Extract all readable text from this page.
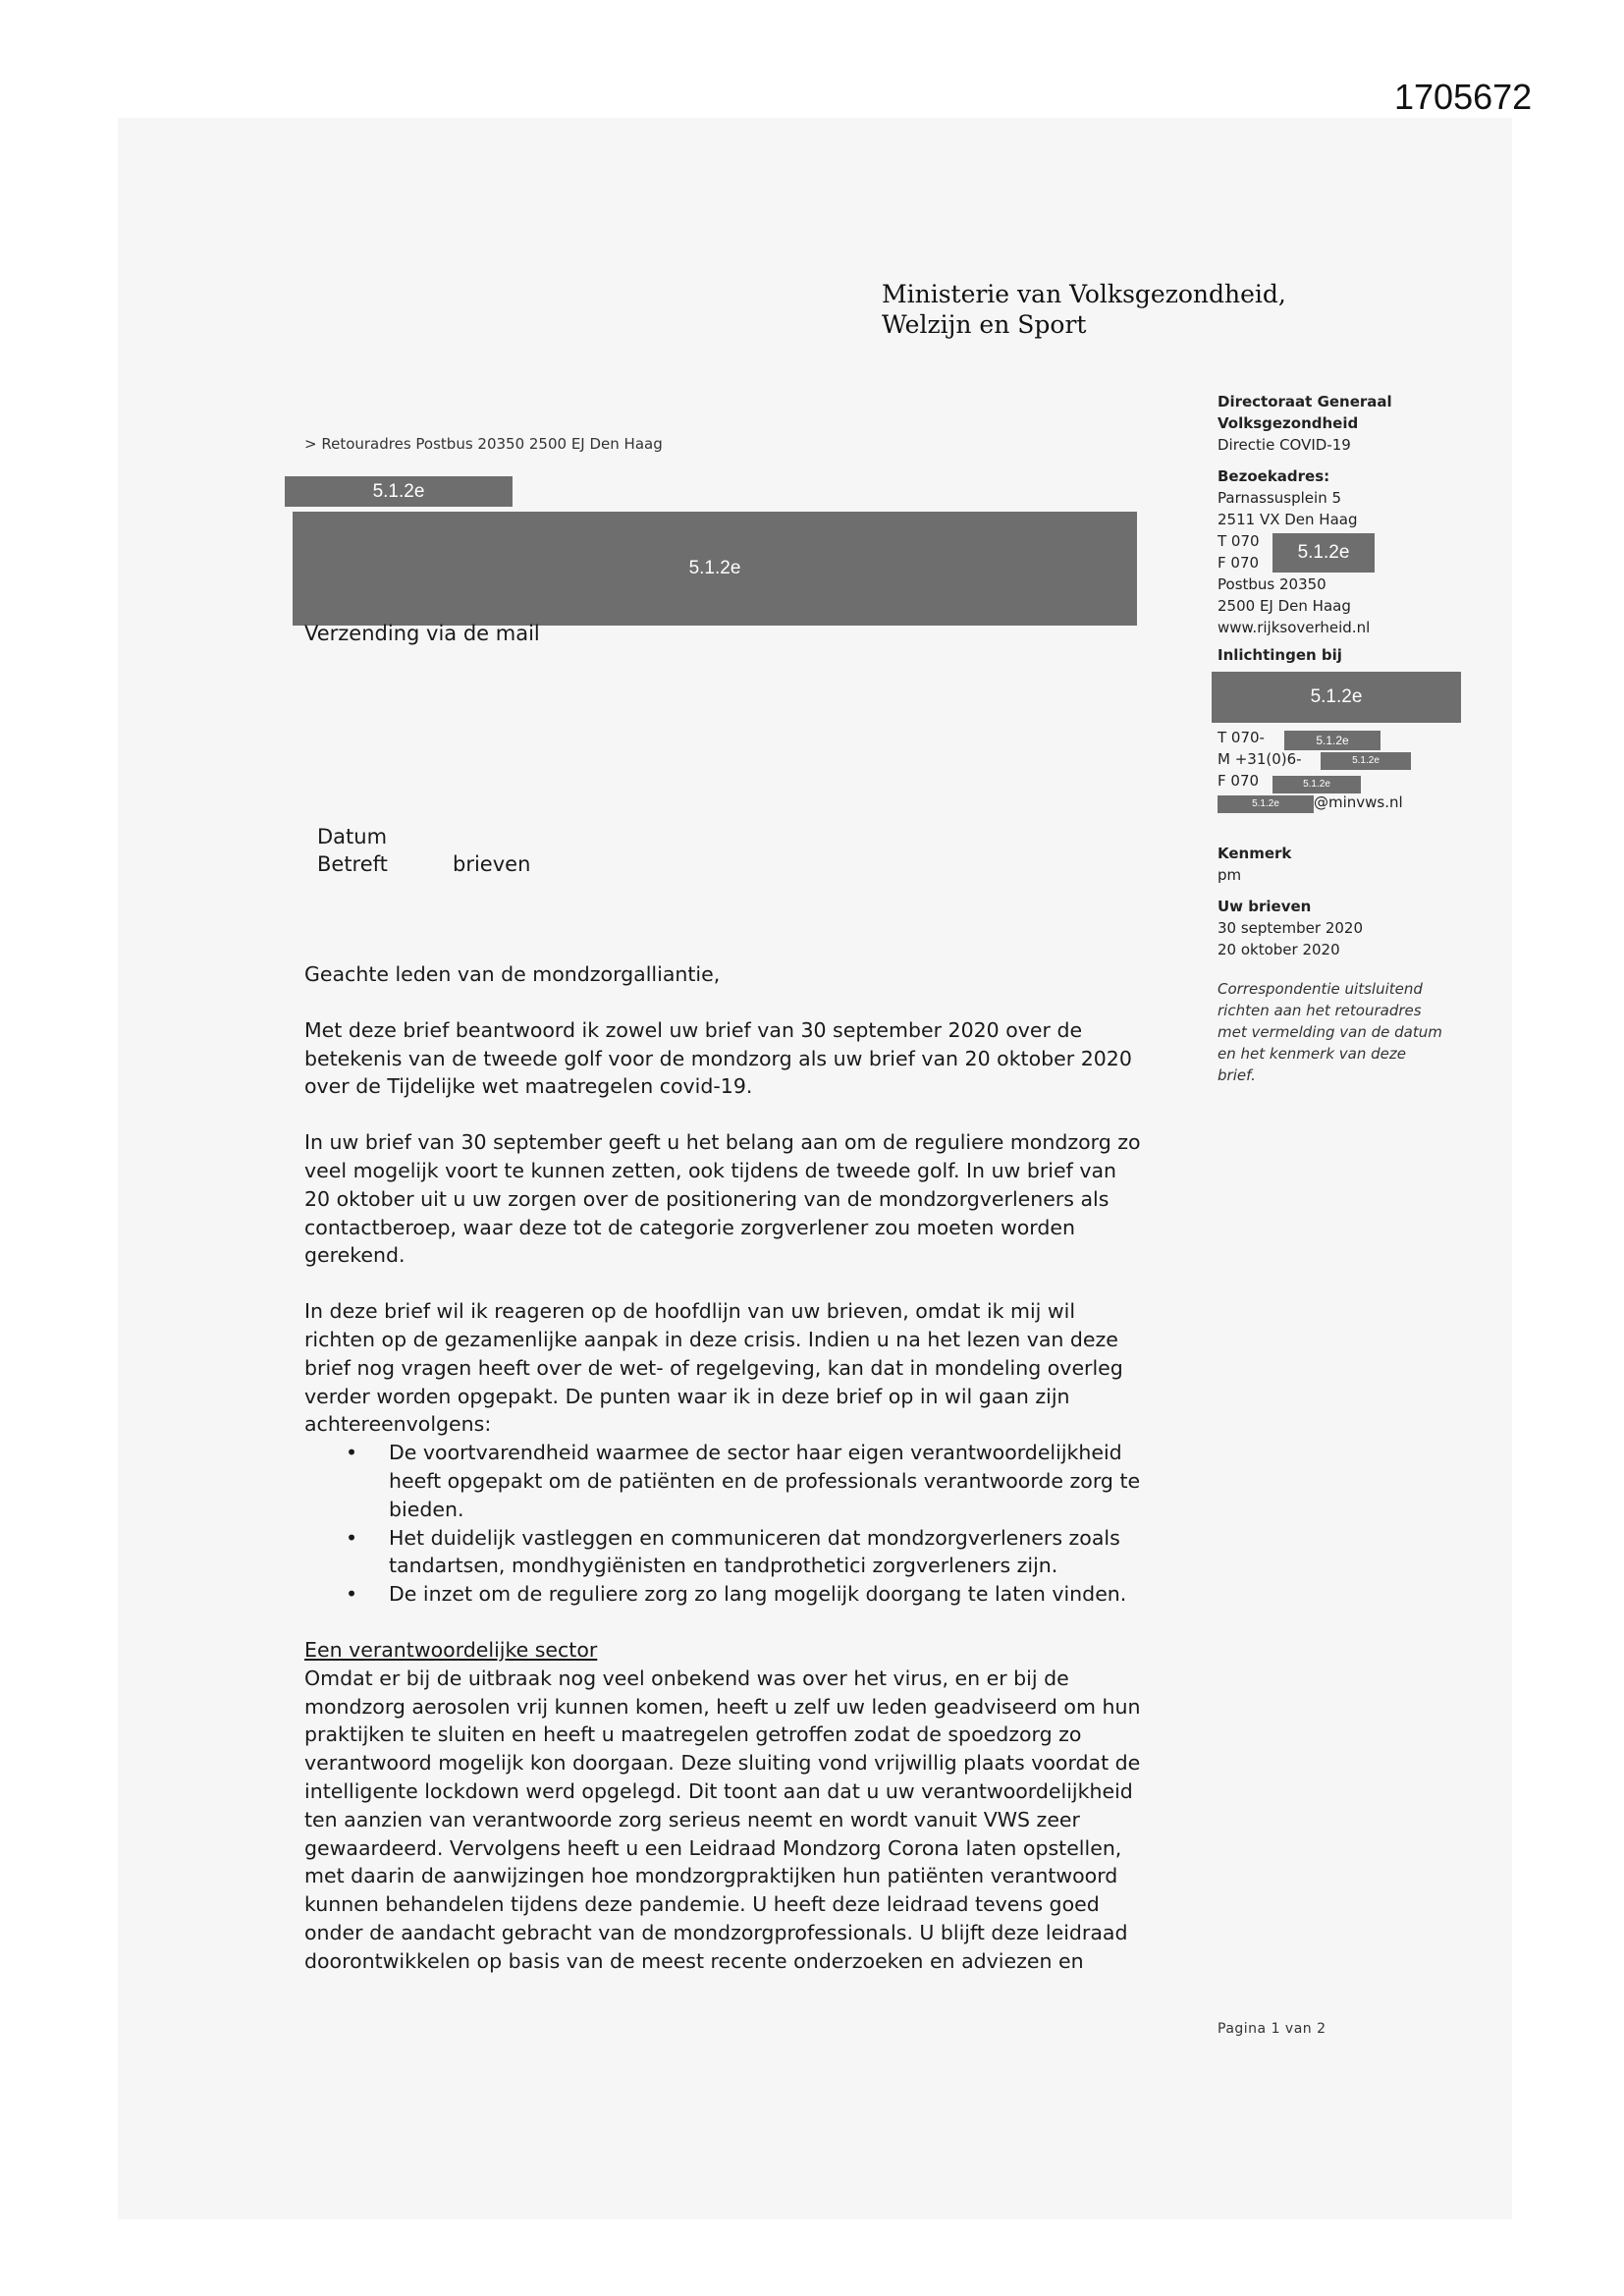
1705672
Ministerie van Volksgezondheid,
Welzijn en Sport
> Retouradres Postbus 20350 2500 EJ Den Haag
5.1.2e
5.1.2e
Verzending via de mail
Directoraat Generaal
Volksgezondheid
Directie COVID-19
Bezoekadres:
Parnassusplein 5
2511 VX Den Haag
T 070
F 070
Postbus 20350
2500 EJ Den Haag
www.rijksoverheid.nl
Inlichtingen bij
T 070-
M +31(0)6-
F 070
@minvws.nl
Kenmerk
pm
Uw brieven
30 september 2020
20 oktober 2020
Correspondentie uitsluitend
richten aan het retouradres
met vermelding van de datum
en het kenmerk van deze
brief.
5.1.2e
5.1.2e
5.1.2e
5.1.2e
5.1.2e
5.1.2e
Datum
Betreft	brieven

Geachte leden van de mondzorgalliantie,

Met deze brief beantwoord ik zowel uw brief van 30 september 2020 over de
betekenis van de tweede golf voor de mondzorg als uw brief van 20 oktober 2020
over de Tijdelijke wet maatregelen covid-19.
In uw brief van 30 september geeft u het belang aan om de reguliere mondzorg zo
veel mogelijk voort te kunnen zetten, ook tijdens de tweede golf. In uw brief van
20 oktober uit u uw zorgen over de positionering van de mondzorgverleners als
contactberoep, waar deze tot de categorie zorgverlener zou moeten worden
gerekend.
In deze brief wil ik reageren op de hoofdlijn van uw brieven, omdat ik mij wil
richten op de gezamenlijke aanpak in deze crisis. Indien u na het lezen van deze
brief nog vragen heeft over de wet- of regelgeving, kan dat in mondeling overleg
verder worden opgepakt. De punten waar ik in deze brief op in wil gaan zijn
achtereenvolgens:
• De voortvarendheid waarmee de sector haar eigen verantwoordelijkheid
heeft opgepakt om de patiënten en de professionals verantwoorde zorg te
bieden.
• Het duidelijk vastleggen en communiceren dat mondzorgverleners zoals
tandartsen, mondhygiënisten en tandprothetici zorgverleners zijn.
• De inzet om de reguliere zorg zo lang mogelijk doorgang te laten vinden.
Een verantwoordelijke sector
Omdat er bij de uitbraak nog veel onbekend was over het virus, en er bij de
mondzorg aerosolen vrij kunnen komen, heeft u zelf uw leden geadviseerd om hun
praktijken te sluiten en heeft u maatregelen getroffen zodat de spoedzorg zo
verantwoord mogelijk kon doorgaan. Deze sluiting vond vrijwillig plaats voordat de
intelligente lockdown werd opgelegd. Dit toont aan dat u uw verantwoordelijkheid
ten aanzien van verantwoorde zorg serieus neemt en wordt vanuit VWS zeer
gewaardeerd. Vervolgens heeft u een Leidraad Mondzorg Corona laten opstellen,
met daarin de aanwijzingen hoe mondzorgpraktijken hun patiënten verantwoord
kunnen behandelen tijdens deze pandemie. U heeft deze leidraad tevens goed
onder de aandacht gebracht van de mondzorgprofessionals. U blijft deze leidraad
doorontwikkelen op basis van de meest recente onderzoeken en adviezen en
Pagina 1 van 2
